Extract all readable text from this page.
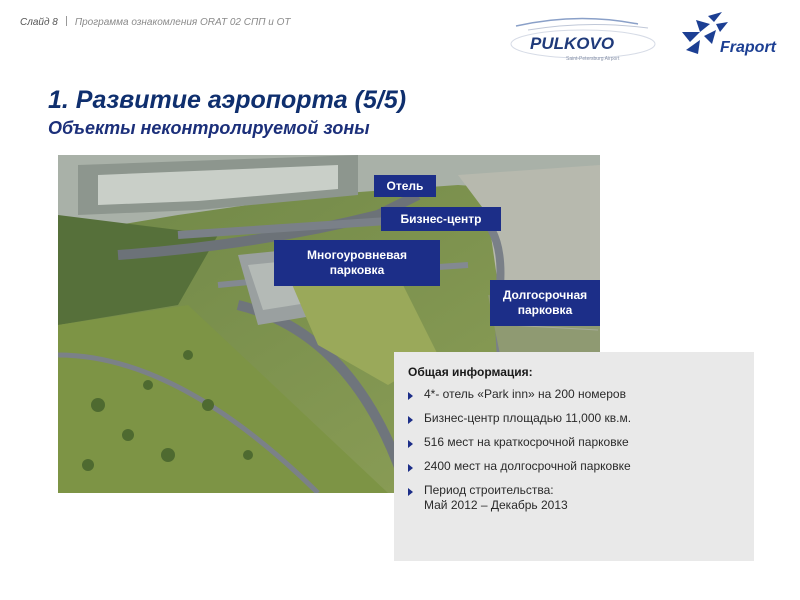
Слайд 8 Программа ознакомления ORAT 02 СПП и ОТ
PULKOVO
Saint-Petersburg Airport
Fraport
1. Развитие аэропорта (5/5)
Объекты неконтролируемой зоны
Отель
Бизнес-центр
Многоуровневая
парковка
Долгосрочная
парковка
Общая информация:
4*- отель «Park inn» на 200 номеров
Бизнес-центр площадью 11,000 кв.м.
516 мест на краткосрочной парковке
2400 мест на долгосрочной парковке
Период строительства:
Май 2012 – Декабрь 2013
